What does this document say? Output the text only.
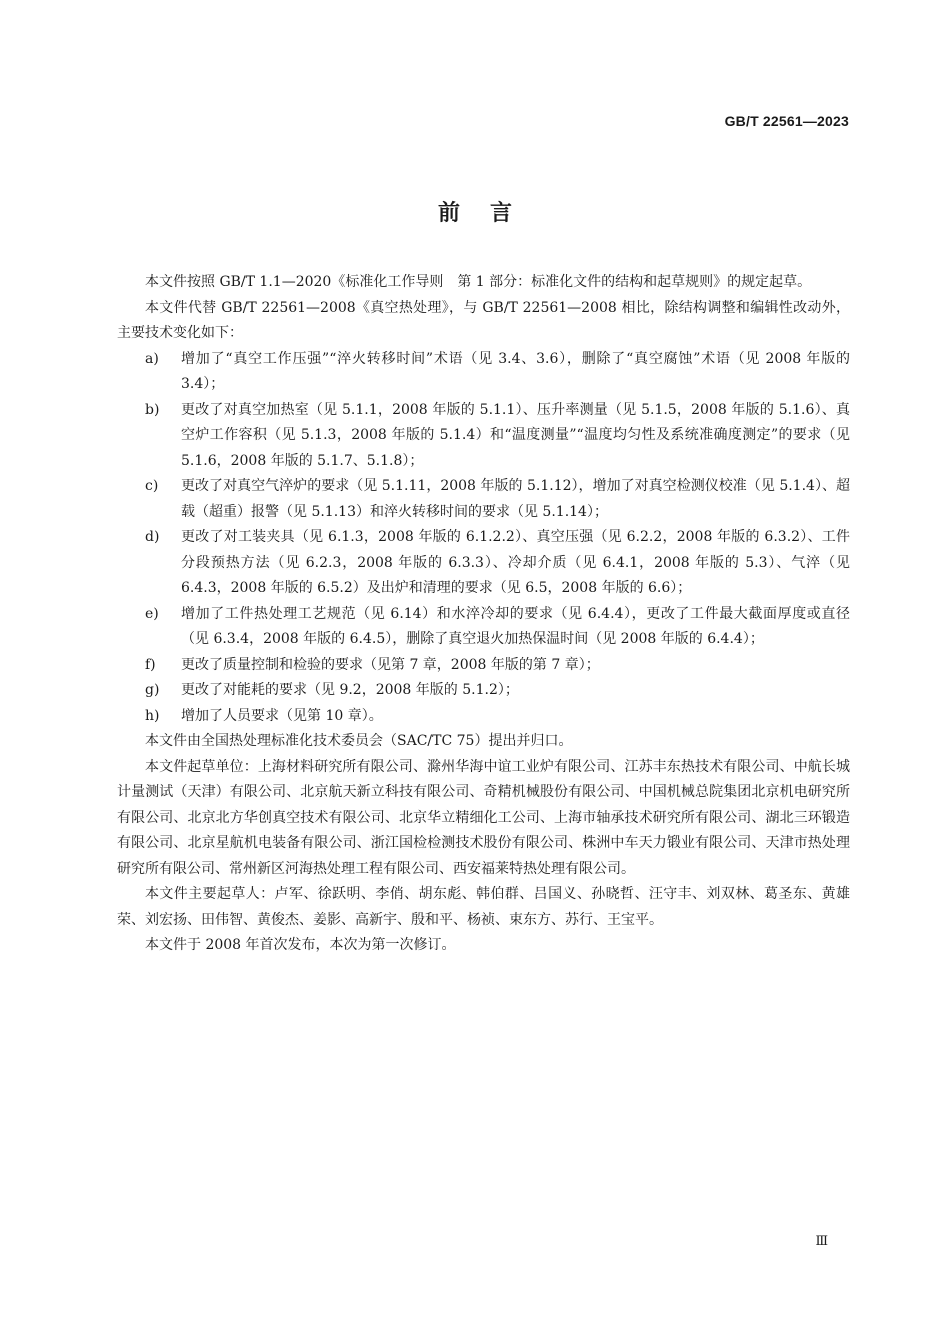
GB/T 22561—2023
前言

本文件按照 GB/T 1.1—2020《标准化工作导则　第 1 部分：标准化文件的结构和起草规则》的规定起草。

本文件代替 GB/T 22561—2008《真空热处理》，与 GB/T 22561—2008 相比，除结构调整和编辑性改动外，主要技术变化如下：

a)	增加了“真空工作压强”“淬火转移时间”术语（见 3.4、3.6），删除了“真空腐蚀”术语（见 2008 年版的 3.4）；
b)	更改了对真空加热室（见 5.1.1，2008 年版的 5.1.1）、压升率测量（见 5.1.5，2008 年版的 5.1.6）、真空炉工作容积（见 5.1.3，2008 年版的 5.1.4）和“温度测量”“温度均匀性及系统准确度测定”的要求（见 5.1.6，2008 年版的 5.1.7、5.1.8）；
c)	更改了对真空气淬炉的要求（见 5.1.11，2008 年版的 5.1.12），增加了对真空检测仪校准（见 5.1.4）、超载（超重）报警（见 5.1.13）和淬火转移时间的要求（见 5.1.14）；
d)	更改了对工装夹具（见 6.1.3，2008 年版的 6.1.2.2）、真空压强（见 6.2.2，2008 年版的 6.3.2）、工件分段预热方法（见 6.2.3，2008 年版的 6.3.3）、冷却介质（见 6.4.1，2008 年版的 5.3）、气淬（见 6.4.3，2008 年版的 6.5.2）及出炉和清理的要求（见 6.5，2008 年版的 6.6）；
e)	增加了工件热处理工艺规范（见 6.14）和水淬冷却的要求（见 6.4.4），更改了工件最大截面厚度或直径（见 6.3.4，2008 年版的 6.4.5），删除了真空退火加热保温时间（见 2008 年版的 6.4.4）；
f)	更改了质量控制和检验的要求（见第 7 章，2008 年版的第 7 章）；
g)	更改了对能耗的要求（见 9.2，2008 年版的 5.1.2）；
h)	增加了人员要求（见第 10 章）。

本文件由全国热处理标准化技术委员会（SAC/TC 75）提出并归口。

本文件起草单位：上海材料研究所有限公司、滁州华海中谊工业炉有限公司、江苏丰东热技术有限公司、中航长城计量测试（天津）有限公司、北京航天新立科技有限公司、奇精机械股份有限公司、中国机械总院集团北京机电研究所有限公司、北京北方华创真空技术有限公司、北京华立精细化工公司、上海市轴承技术研究所有限公司、湖北三环锻造有限公司、北京星航机电装备有限公司、浙江国检检测技术股份有限公司、株洲中车天力锻业有限公司、天津市热处理研究所有限公司、常州新区河海热处理工程有限公司、西安福莱特热处理有限公司。

本文件主要起草人：卢军、徐跃明、李俏、胡东彪、韩伯群、吕国义、孙晓哲、汪守丰、刘双林、葛圣东、黄雄荣、刘宏扬、田伟智、黄俊杰、姜影、高新宇、殷和平、杨祯、束东方、苏行、王宝平。

本文件于 2008 年首次发布，本次为第一次修订。

Ⅲ
